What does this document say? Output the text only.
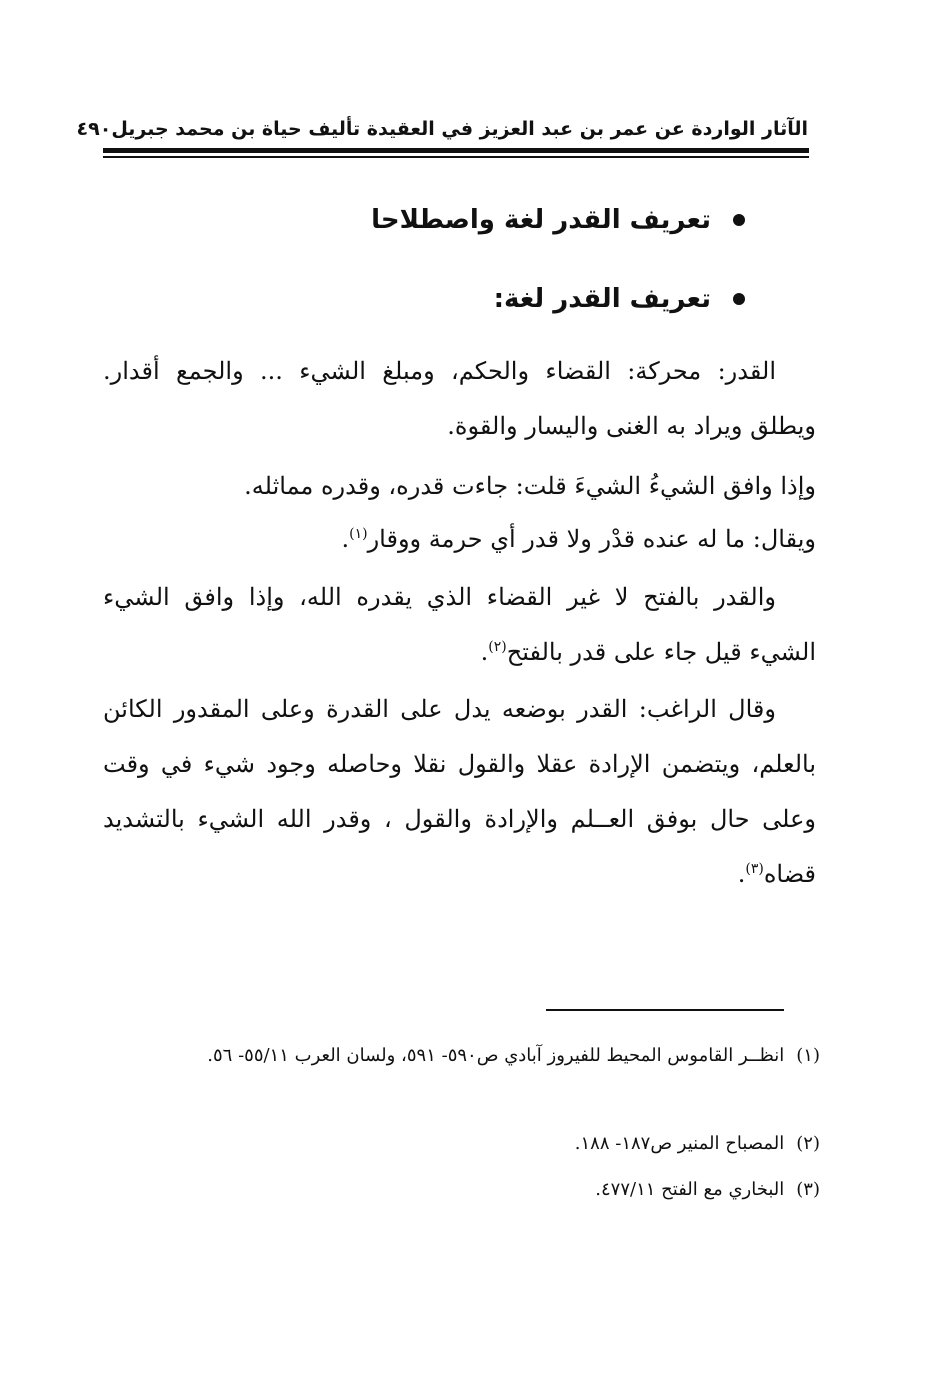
الآثار الواردة عن عمر بن عبد العزيز في العقيدة تأليف حياة بن محمد جبريل
٤٩٠
تعريف القدر لغة واصطلاحا
تعريف القدر لغة:

القدر: محركة: القضاء والحكم، ومبلغ الشيء ... والجمع أقدار. ويطلق ويراد به الغنى واليسار والقوة.

وإذا وافق الشيءُ الشيءَ قلت: جاءت قدره، وقدره مماثله.

ويقال: ما له عنده قدْر ولا قدر أي حرمة ووقار$^{(١)}$.

والقدر بالفتح لا غير القضاء الذي يقدره الله، وإذا وافق الشيء الشيء قيل جاء على قدر بالفتح$^{(٢)}$.

وقال الراغب: القدر بوضعه يدل على القدرة وعلى المقدور الكائن بالعلم، ويتضمن الإرادة عقلا والقول نقلا وحاصله وجود شيء في وقت وعلى حال بوفق العــلم والإرادة والقول ، وقدر الله الشيء بالتشديد قضاه$^{(٣)}$.

(١)انظــر القاموس المحيط للفيروز آبادي ص٥٩٠- ٥٩١، ولسان العرب ٥٥/١١- ٥٦.

(٢)المصباح المنير ص١٨٧- ١٨٨.

(٣)البخاري مع الفتح ٤٧٧/١١.
